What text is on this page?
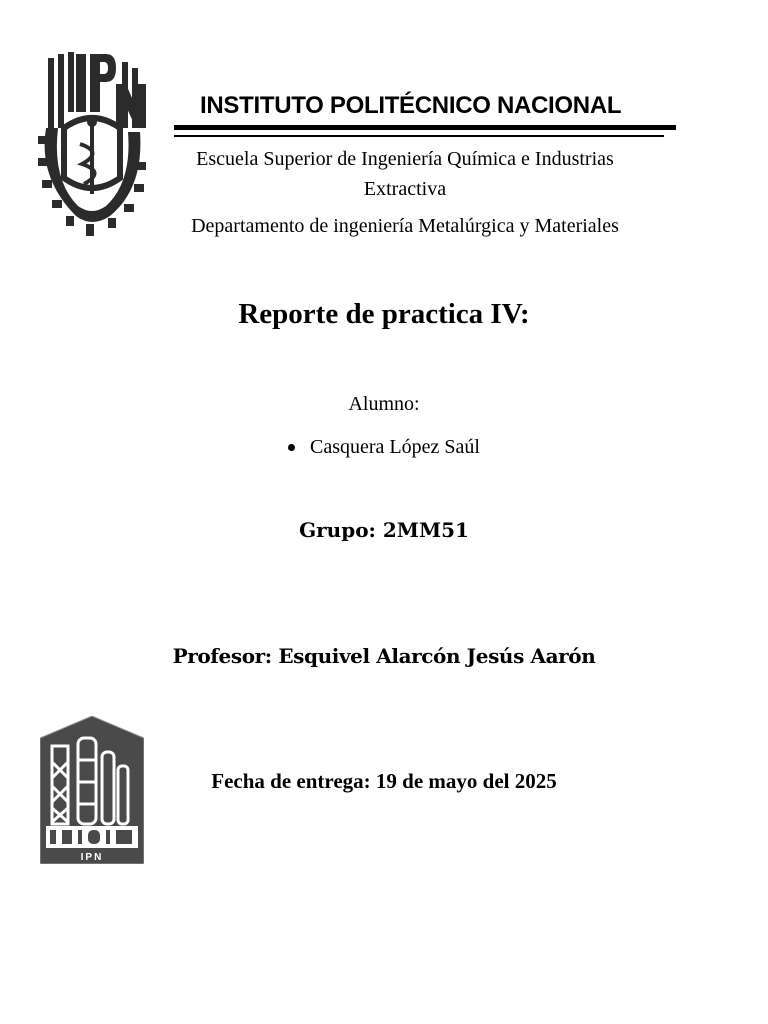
IPN
INSTITUTO POLITÉCNICO NACIONAL
Escuela Superior de Ingeniería Química e Industrias
Extractiva
Departamento de ingeniería Metalúrgica y Materiales
Reporte de practica IV:
Alumno:
Casquera López Saúl
Grupo: 2MM51
Profesor: Esquivel Alarcón Jesús Aarón
IPN
Fecha de entrega: 19 de mayo del 2025
